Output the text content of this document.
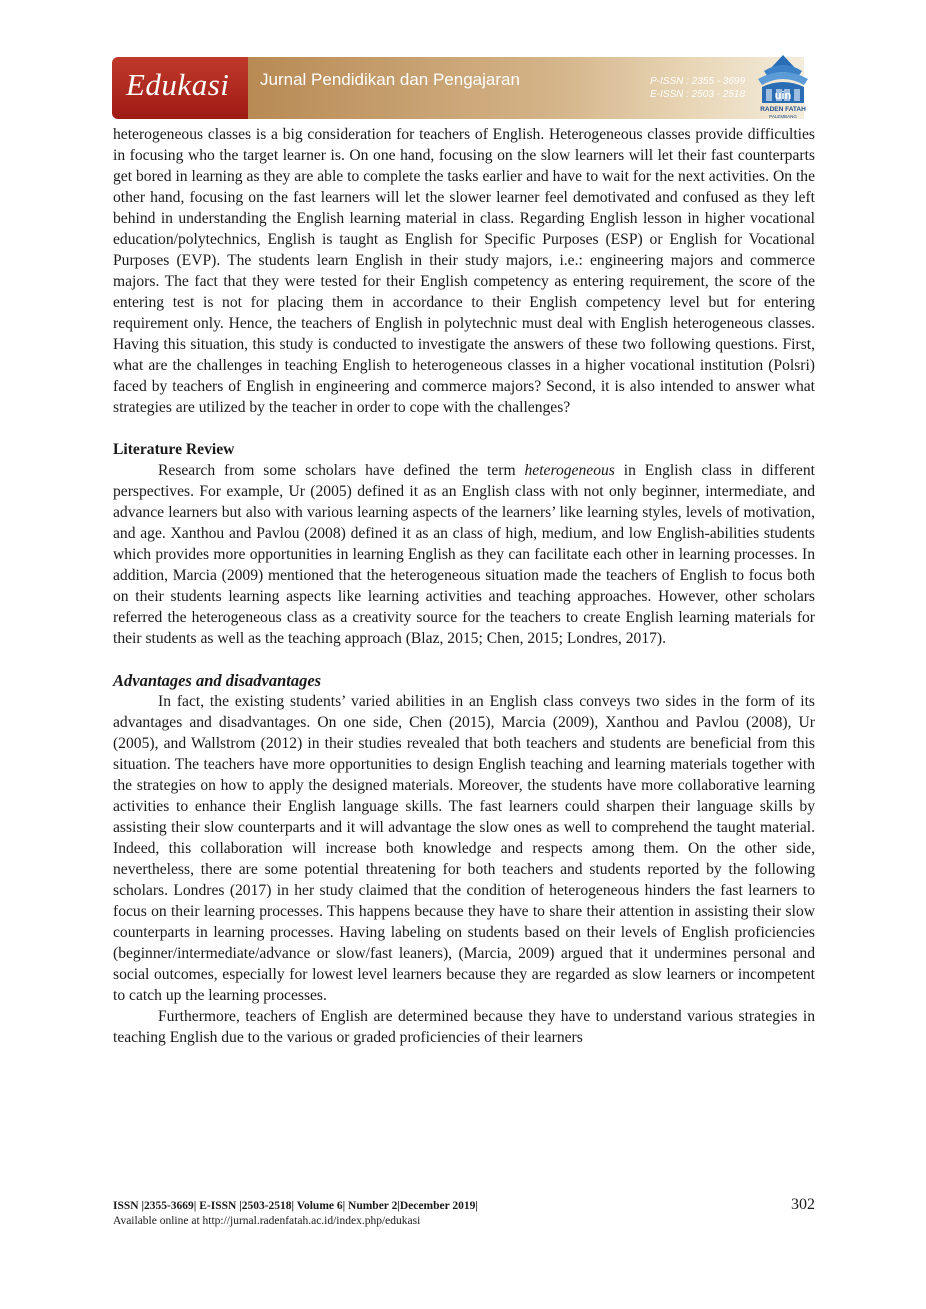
Edukasi Jurnal Pendidikan dan Pengajaran	P-ISSN : 2355 - 3699
E-ISSN : 2503 - 2518	uin
RADEN FATAH
PALEMBANG

heterogeneous classes is a big consideration for teachers of English. Heterogeneous classes provide difficulties in focusing who the target learner is. On one hand, focusing on the slow learners will let their fast counterparts get bored in learning as they are able to complete the tasks earlier and have to wait for the next activities. On the other hand, focusing on the fast learners will let the slower learner feel demotivated and confused as they left behind in understanding the English learning material in class. Regarding English lesson in higher vocational education/polytechnics, English is taught as English for Specific Purposes (ESP) or English for Vocational Purposes (EVP). The students learn English in their study majors, i.e.: engineering majors and commerce majors. The fact that they were tested for their English competency as entering requirement, the score of the entering test is not for placing them in accordance to their English competency level but for entering requirement only. Hence, the teachers of English in polytechnic must deal with English heterogeneous classes. Having this situation, this study is conducted to investigate the answers of these two following questions. First, what are the challenges in teaching English to heterogeneous classes in a higher vocational institution (Polsri) faced by teachers of English in engineering and commerce majors? Second, it is also intended to answer what strategies are utilized by the teacher in order to cope with the challenges?

Literature Review

Research from some scholars have defined the term heterogeneous in English class in different perspectives. For example, Ur (2005) defined it as an English class with not only beginner, intermediate, and advance learners but also with various learning aspects of the learners’ like learning styles, levels of motivation, and age. Xanthou and Pavlou (2008) defined it as an class of high, medium, and low English-abilities students which provides more opportunities in learning English as they can facilitate each other in learning processes. In addition, Marcia (2009) mentioned that the heterogeneous situation made the teachers of English to focus both on their students learning aspects like learning activities and teaching approaches. However, other scholars referred the heterogeneous class as a creativity source for the teachers to create English learning materials for their students as well as the teaching approach (Blaz, 2015; Chen, 2015; Londres, 2017).

Advantages and disadvantages

In fact, the existing students’ varied abilities in an English class conveys two sides in the form of its advantages and disadvantages. On one side, Chen (2015), Marcia (2009), Xanthou and Pavlou (2008), Ur (2005), and Wallstrom (2012) in their studies revealed that both teachers and students are beneficial from this situation. The teachers have more opportunities to design English teaching and learning materials together with the strategies on how to apply the designed materials. Moreover, the students have more collaborative learning activities to enhance their English language skills. The fast learners could sharpen their language skills by assisting their slow counterparts and it will advantage the slow ones as well to comprehend the taught material. Indeed, this collaboration will increase both knowledge and respects among them. On the other side, nevertheless, there are some potential threatening for both teachers and students reported by the following scholars. Londres (2017) in her study claimed that the condition of heterogeneous hinders the fast learners to focus on their learning processes. This happens because they have to share their attention in assisting their slow counterparts in learning processes. Having labeling on students based on their levels of English proficiencies (beginner/intermediate/advance or slow/fast leaners), (Marcia, 2009) argued that it undermines personal and social outcomes, especially for lowest level learners because they are regarded as slow learners or incompetent to catch up the learning processes.

Furthermore, teachers of English are determined because they have to understand various strategies in teaching English due to the various or graded proficiencies of their learners

ISSN |2355-3669| E-ISSN |2503-2518| Volume 6| Number 2|December 2019|
Available online at http://jurnal.radenfatah.ac.id/index.php/edukasi
302
